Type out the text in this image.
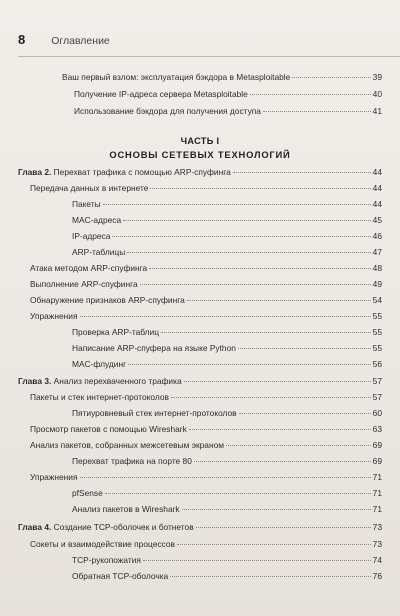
8 Оглавление
Ваш первый взлом: эксплуатация бэкдора в Metasploitable	39
Получение IP-адреса сервера Metasploitable	40
Использование бэкдора для получения доступа	41
ЧАСТЬ I
ОСНОВЫ СЕТЕВЫХ ТЕХНОЛОГИЙ
Глава 2. Перехват трафика с помощью ARP-спуфинга	44
Передача данных в интернете	44
Пакеты	44
MAC-адреса	45
IP-адреса	46
ARP-таблицы	47
Атака методом ARP-спуфинга	48
Выполнение ARP-спуфинга	49
Обнаружение признаков ARP-спуфинга	54
Упражнения	55
Проверка ARP-таблиц	55
Написание ARP-спуфера на языке Python	55
MAC-флудинг	56
Глава 3. Анализ перехваченного трафика	57
Пакеты и стек интернет-протоколов	57
Пятиуровневый стек интернет-протоколов	60
Просмотр пакетов с помощью Wireshark	63
Анализ пакетов, собранных межсетевым экраном	69
Перехват трафика на порте 80	69
Упражнения	71
pfSense	71
Анализ пакетов в Wireshark	71
Глава 4. Создание TCP-оболочек и ботнетов	73
Сокеты и взаимодействие процессов	73
TCP-рукопожатия	74
Обратная TCP-оболочка	76
